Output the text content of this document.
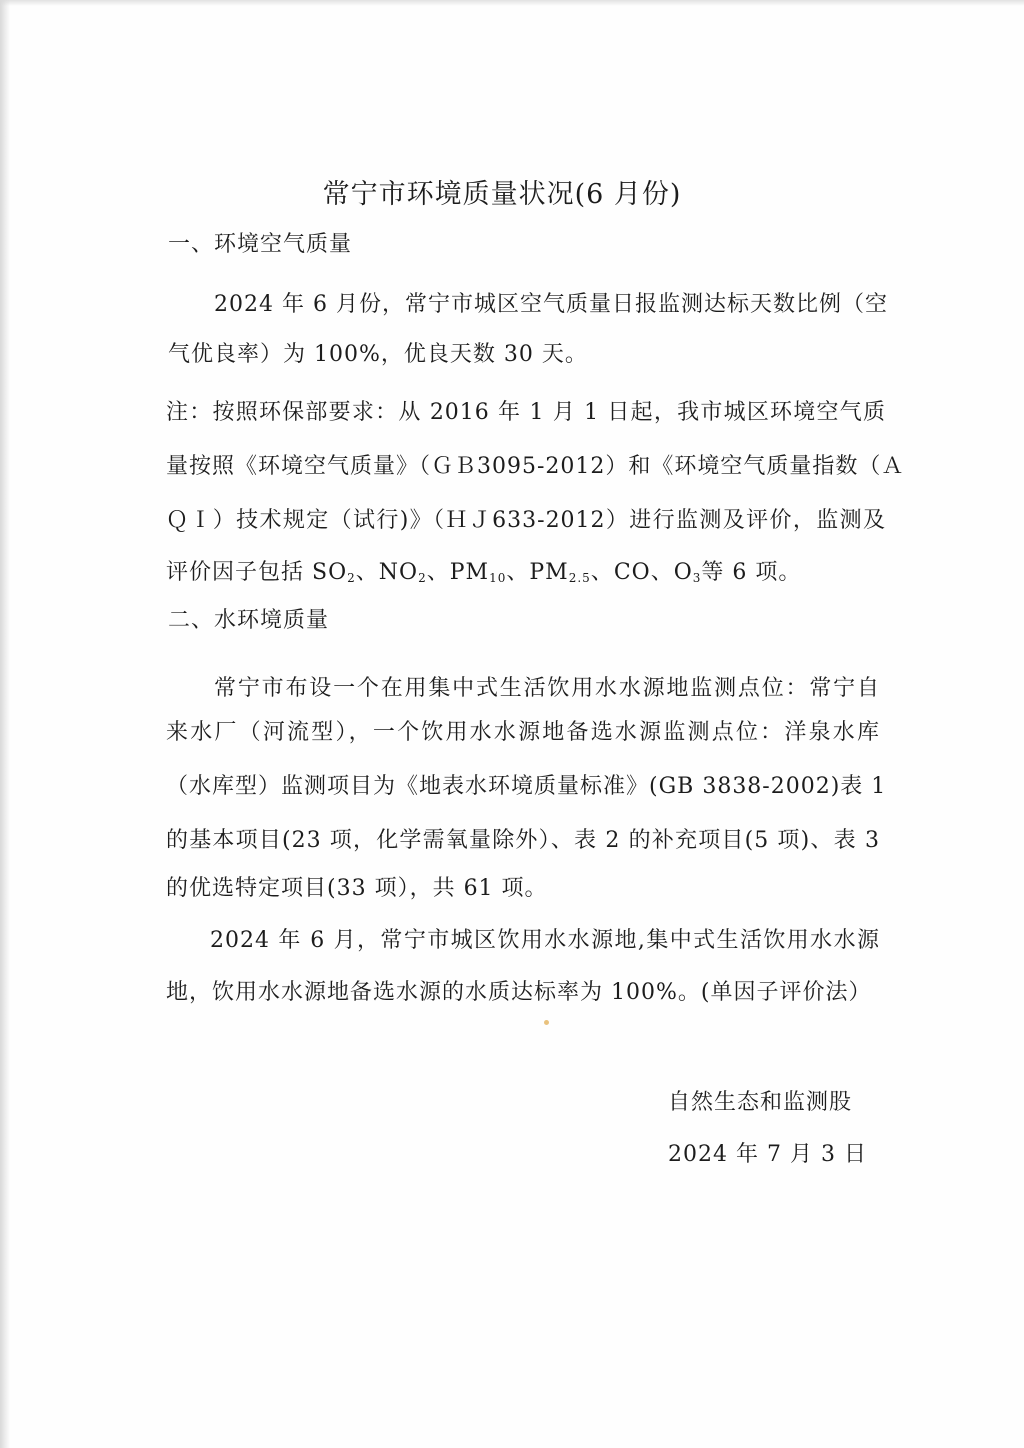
常宁市环境质量状况(6 月份)
一、环境空气质量
2024 年 6 月份，常宁市城区空气质量日报监测达标天数比例（空
气优良率）为 100%，优良天数 30 天。
注：按照环保部要求：从 2016 年 1 月 1 日起，我市城区环境空气质
量按照《环境空气质量》（ＧＢ3095-2012）和《环境空气质量指数（Ａ
ＱＩ）技术规定（试行)》（ＨＪ633-2012）进行监测及评价，监测及
评价因子包括 $SO_2$、$NO_2$、$PM_{10}$、$PM_{2.5}$、CO、$O_3$等 6 项。
二、水环境质量
常宁市布设一个在用集中式生活饮用水水源地监测点位：常宁自
来水厂（河流型），一个饮用水水源地备选水源监测点位：洋泉水库
（水库型）监测项目为《地表水环境质量标准》(GB 3838-2002)表 1
的基本项目(23 项，化学需氧量除外）、表 2 的补充项目(5 项)、表 3
的优选特定项目(33 项），共 61 项。
2024 年 6 月，常宁市城区饮用水水源地,集中式生活饮用水水源
地，饮用水水源地备选水源的水质达标率为 100%。(单因子评价法）
自然生态和监测股
2024 年 7 月 3 日
